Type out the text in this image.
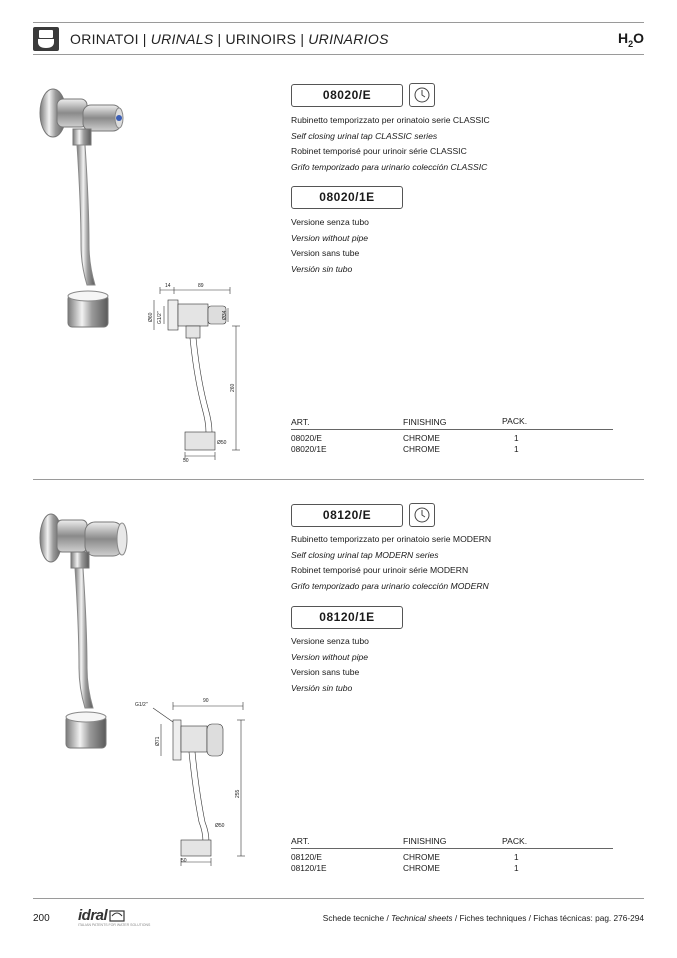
ORINATOI | URINALS | URINOIRS | URINARIOS	$H_2O$
14	89
Ø60 G1/2"	Ø34
260
Ø50
50
08020/E
Rubinetto temporizzato per orinatoio serie CLASSIC
Self closing urinal tap CLASSIC series
Robinet temporisé pour urinoir série CLASSIC
Grifo temporizado para urinario colección CLASSIC
08020/1E
Versione senza tubo
Version without pipe
Version sans tube
Versión sin tubo
ART.	FINISHING	PACK.
08020/E	CHROME	1
08020/1E	CHROME	1
G1/2"
90
Ø71
255
Ø50
50
08120/E
Rubinetto temporizzato per orinatoio serie MODERN
Self closing urinal tap MODERN series
Robinet temporisé pour urinoir série MODERN
Grifo temporizado para urinario colección MODERN
08120/1E
Versione senza tubo
Version without pipe
Version sans tube
Versión sin tubo
ART.	FINISHING	PACK.
08120/E	CHROME	1
08120/1E	CHROME	1
200 idral
ITALIAN PATENTS FOR WATER SOLUTIONS
Schede tecniche / Technical sheets / Fiches techniques / Fichas técnicas: pag. 276-294
